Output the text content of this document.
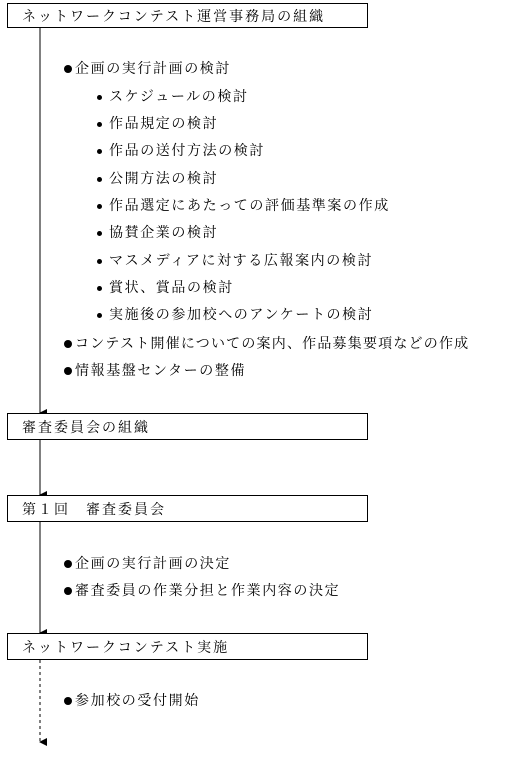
ネットワークコンテスト運営事務局の組織
審査委員会の組織
第１回　審査委員会
ネットワークコンテスト実施
企画の実行計画の検討
スケジュールの検討
作品規定の検討
作品の送付方法の検討
公開方法の検討
作品選定にあたっての評価基準案の作成
協賛企業の検討
マスメディアに対する広報案内の検討
賞状、賞品の検討
実施後の参加校へのアンケートの検討
コンテスト開催についての案内、作品募集要項などの作成
情報基盤センターの整備
企画の実行計画の決定
審査委員の作業分担と作業内容の決定
参加校の受付開始
